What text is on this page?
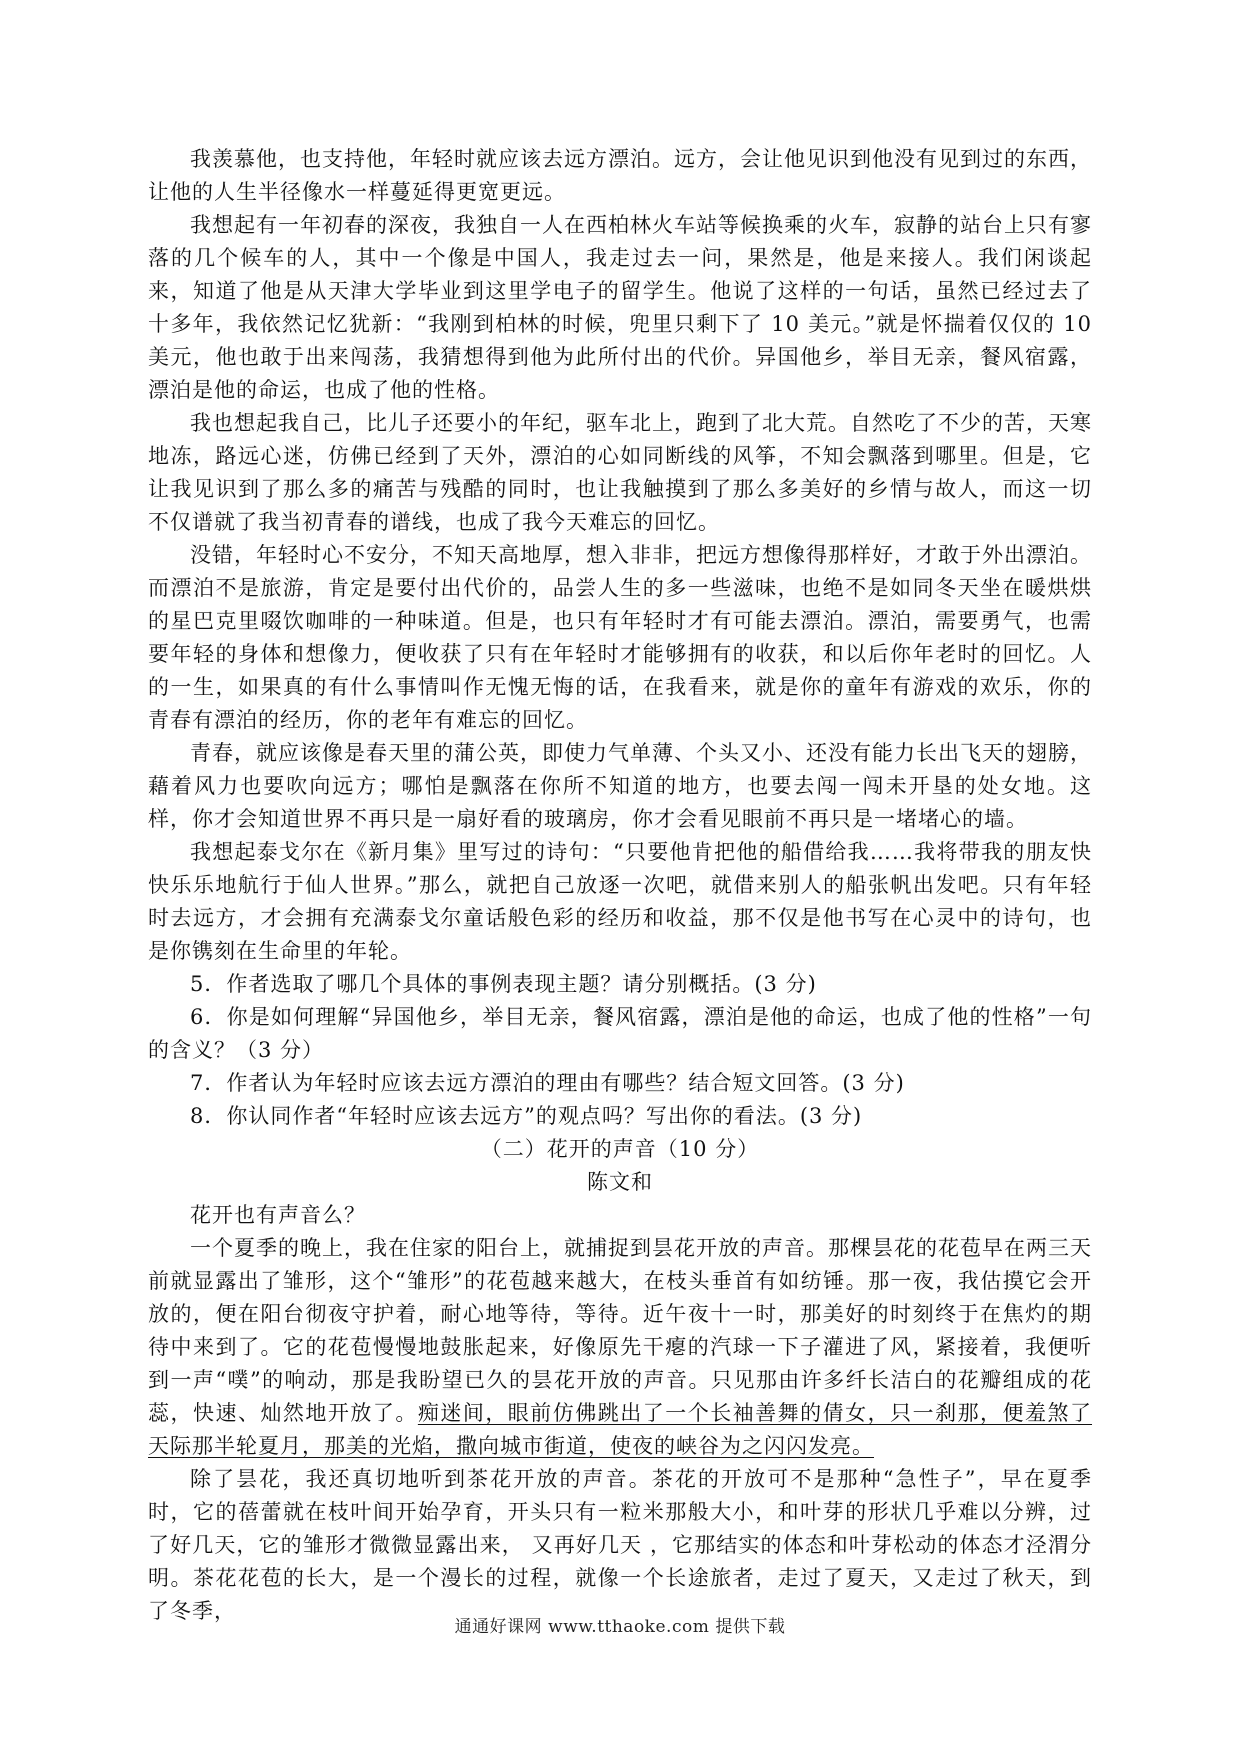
我羡慕他，也支持他，年轻时就应该去远方漂泊。远方，会让他见识到他没有见到过的东西，让他的人生半径像水一样蔓延得更宽更远。

我想起有一年初春的深夜，我独自一人在西柏林火车站等候换乘的火车，寂静的站台上只有寥落的几个候车的人，其中一个像是中国人，我走过去一问，果然是，他是来接人。我们闲谈起来，知道了他是从天津大学毕业到这里学电子的留学生。他说了这样的一句话，虽然已经过去了十多年，我依然记忆犹新：“我刚到柏林的时候，兜里只剩下了 10 美元。”就是怀揣着仅仅的 10 美元，他也敢于出来闯荡，我猜想得到他为此所付出的代价。异国他乡，举目无亲，餐风宿露，漂泊是他的命运，也成了他的性格。

我也想起我自己，比儿子还要小的年纪，驱车北上，跑到了北大荒。自然吃了不少的苦，天寒地冻，路远心迷，仿佛已经到了天外，漂泊的心如同断线的风筝，不知会飘落到哪里。但是，它让我见识到了那么多的痛苦与残酷的同时，也让我触摸到了那么多美好的乡情与故人，而这一切不仅谱就了我当初青春的谱线，也成了我今天难忘的回忆。

没错，年轻时心不安分，不知天高地厚，想入非非，把远方想像得那样好，才敢于外出漂泊。而漂泊不是旅游，肯定是要付出代价的，品尝人生的多一些滋味，也绝不是如同冬天坐在暖烘烘的星巴克里啜饮咖啡的一种味道。但是，也只有年轻时才有可能去漂泊。漂泊，需要勇气，也需要年轻的身体和想像力，便收获了只有在年轻时才能够拥有的收获，和以后你年老时的回忆。人的一生，如果真的有什么事情叫作无愧无悔的话，在我看来，就是你的童年有游戏的欢乐，你的青春有漂泊的经历，你的老年有难忘的回忆。

青春，就应该像是春天里的蒲公英，即使力气单薄、个头又小、还没有能力长出飞天的翅膀，藉着风力也要吹向远方；哪怕是飘落在你所不知道的地方，也要去闯一闯未开垦的处女地。这样，你才会知道世界不再只是一扇好看的玻璃房，你才会看见眼前不再只是一堵堵心的墙。

我想起泰戈尔在《新月集》里写过的诗句：“只要他肯把他的船借给我……我将带我的朋友快快乐乐地航行于仙人世界。”那么，就把自己放逐一次吧，就借来别人的船张帆出发吧。只有年轻时去远方，才会拥有充满泰戈尔童话般色彩的经历和收益，那不仅是他书写在心灵中的诗句，也是你镌刻在生命里的年轮。

5．作者选取了哪几个具体的事例表现主题？请分别概括。(3 分)

6．你是如何理解“异国他乡，举目无亲，餐风宿露，漂泊是他的命运，也成了他的性格”一句的含义？（3 分）

7．作者认为年轻时应该去远方漂泊的理由有哪些？结合短文回答。(3 分)

8．你认同作者“年轻时应该去远方”的观点吗？写出你的看法。(3 分)

（二）花开的声音（10 分）

陈文和

花开也有声音么？

一个夏季的晚上，我在住家的阳台上，就捕捉到昙花开放的声音。那棵昙花的花苞早在两三天前就显露出了雏形，这个“雏形”的花苞越来越大，在枝头垂首有如纺锤。那一夜，我估摸它会开放的，便在阳台彻夜守护着，耐心地等待，等待。近午夜十一时，那美好的时刻终于在焦灼的期待中来到了。它的花苞慢慢地鼓胀起来，好像原先干瘪的汽球一下子灌进了风，紧接着，我便听到一声“噗”的响动，那是我盼望已久的昙花开放的声音。只见那由许多纤长洁白的花瓣组成的花蕊，快速、灿然地开放了。痴迷间，眼前仿佛跳出了一个长袖善舞的倩女，只一刹那，便羞煞了天际那半轮夏月，那美的光焰，撒向城市街道，使夜的峡谷为之闪闪发亮。

除了昙花，我还真切地听到茶花开放的声音。茶花的开放可不是那种“急性子”，早在夏季时，它的蓓蕾就在枝叶间开始孕育，开头只有一粒米那般大小，和叶芽的形状几乎难以分辨，过了好几天，它的雏形才微微显露出来， 又再好几天 ，它那结实的体态和叶芽松动的体态才泾渭分明。茶花花苞的长大，是一个漫长的过程，就像一个长途旅者，走过了夏天，又走过了秋天，到了冬季，

通通好课网 www.tthaoke.com 提供下载
